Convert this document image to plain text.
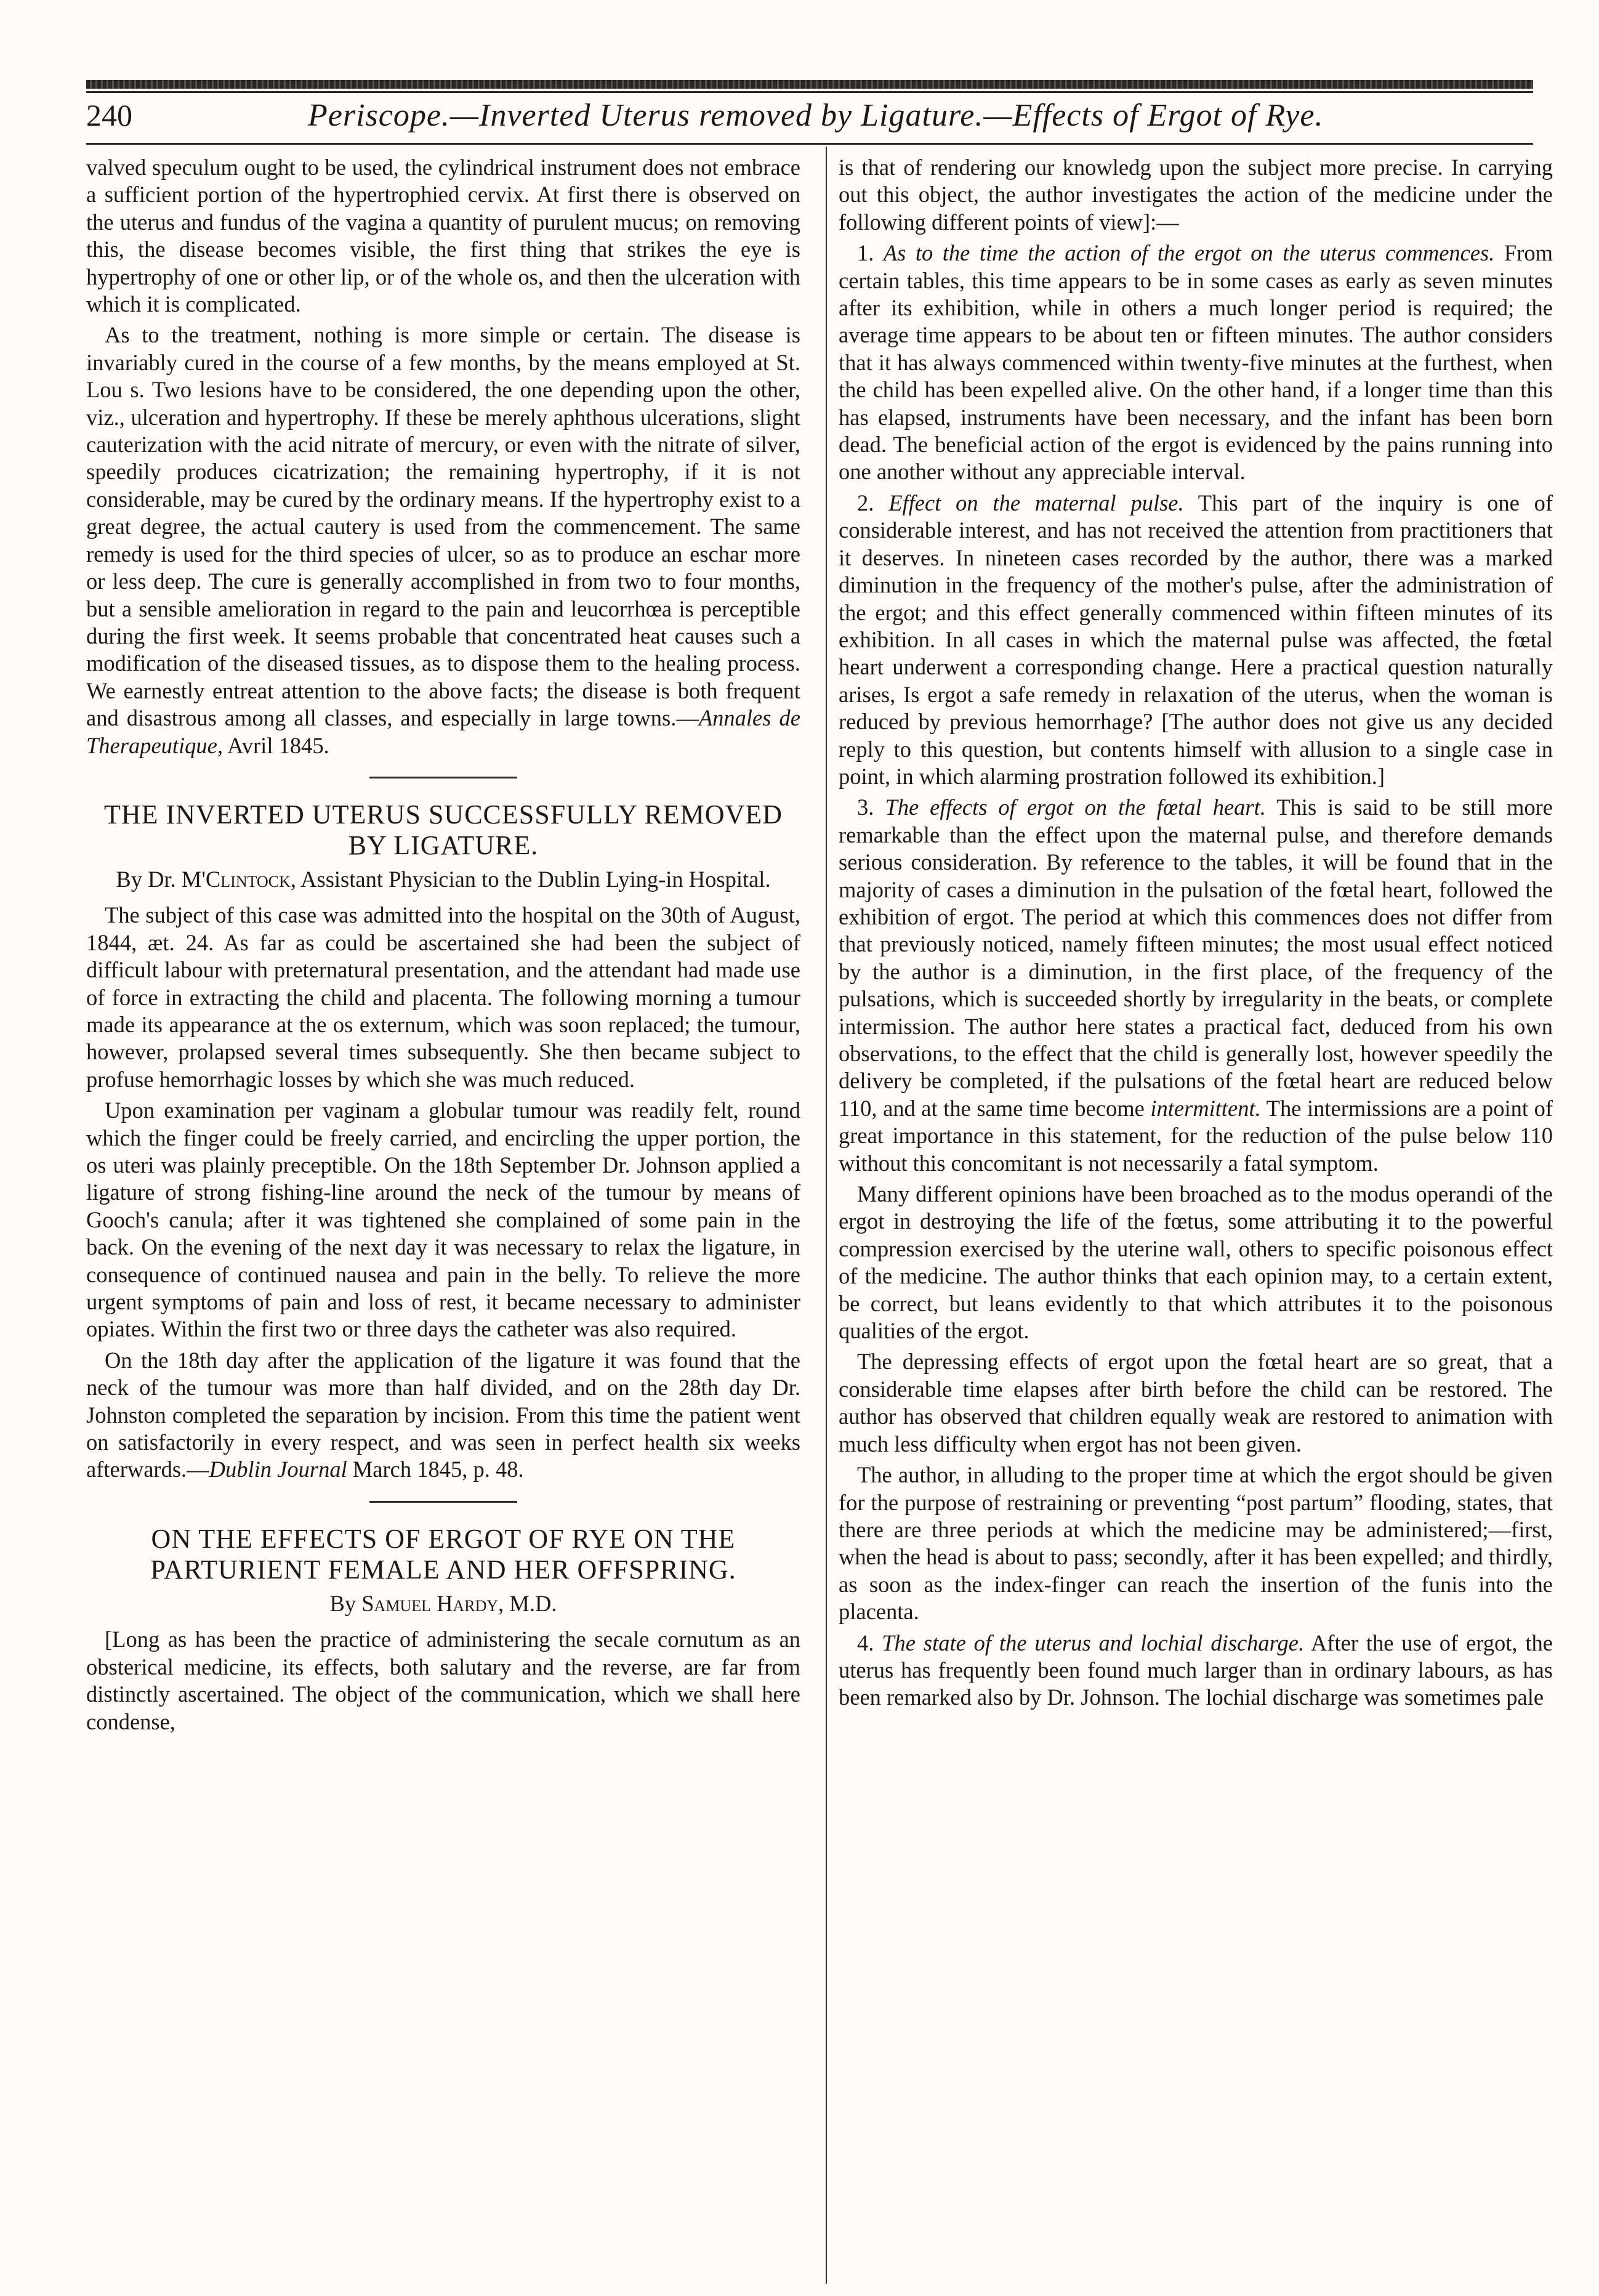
240	Periscope.—Inverted Uterus removed by Ligature.—Effects of Ergot of Rye.

valved speculum ought to be used, the cylindrical instrument does not embrace a sufficient portion of the hypertrophied cervix. At first there is observed on the uterus and fundus of the vagina a quantity of purulent mucus; on removing this, the disease becomes visible, the first thing that strikes the eye is hypertrophy of one or other lip, or of the whole os, and then the ulceration with which it is complicated.

As to the treatment, nothing is more simple or certain. The disease is invariably cured in the course of a few months, by the means employed at St. Lou s. Two lesions have to be considered, the one depending upon the other, viz., ulceration and hypertrophy. If these be merely aphthous ulcerations, slight cauterization with the acid nitrate of mercury, or even with the nitrate of silver, speedily produces cicatrization; the remaining hypertrophy, if it is not considerable, may be cured by the ordinary means. If the hypertrophy exist to a great degree, the actual cautery is used from the commencement. The same remedy is used for the third species of ulcer, so as to produce an eschar more or less deep. The cure is generally accomplished in from two to four months, but a sensible amelioration in regard to the pain and leucorrhœa is perceptible during the first week. It seems probable that concentrated heat causes such a modification of the diseased tissues, as to dispose them to the healing process. We earnestly entreat attention to the above facts; the disease is both frequent and disastrous among all classes, and especially in large towns.—Annales de Therapeutique, Avril 1845.

THE INVERTED UTERUS SUCCESSFULLY REMOVED BY LIGATURE.
By Dr. M'Clintock, Assistant Physician to the Dublin Lying-in Hospital.

The subject of this case was admitted into the hospital on the 30th of August, 1844, æt. 24. As far as could be ascertained she had been the subject of difficult labour with preternatural presentation, and the attendant had made use of force in extracting the child and placenta. The following morning a tumour made its appearance at the os externum, which was soon replaced; the tumour, however, prolapsed several times subsequently. She then became subject to profuse hemorrhagic losses by which she was much reduced.

Upon examination per vaginam a globular tumour was readily felt, round which the finger could be freely carried, and encircling the upper portion, the os uteri was plainly preceptible. On the 18th September Dr. Johnson applied a ligature of strong fishing-line around the neck of the tumour by means of Gooch's canula; after it was tightened she complained of some pain in the back. On the evening of the next day it was necessary to relax the ligature, in consequence of continued nausea and pain in the belly. To relieve the more urgent symptoms of pain and loss of rest, it became necessary to administer opiates. Within the first two or three days the catheter was also required.

On the 18th day after the application of the ligature it was found that the neck of the tumour was more than half divided, and on the 28th day Dr. Johnston completed the separation by incision. From this time the patient went on satisfactorily in every respect, and was seen in perfect health six weeks afterwards.—Dublin Journal March 1845, p. 48.

ON THE EFFECTS OF ERGOT OF RYE ON THE PARTURIENT FEMALE AND HER OFFSPRING.
By Samuel Hardy, M.D.

[Long as has been the practice of administering the secale cornutum as an obsterical medicine, its effects, both salutary and the reverse, are far from distinctly ascertained. The object of the communication, which we shall here condense,

is that of rendering our knowledg upon the subject more precise. In carrying out this object, the author investigates the action of the medicine under the following different points of view]:—

1. As to the time the action of the ergot on the uterus commences. From certain tables, this time appears to be in some cases as early as seven minutes after its exhibition, while in others a much longer period is required; the average time appears to be about ten or fifteen minutes. The author considers that it has always commenced within twenty-five minutes at the furthest, when the child has been expelled alive. On the other hand, if a longer time than this has elapsed, instruments have been necessary, and the infant has been born dead. The beneficial action of the ergot is evidenced by the pains running into one another without any appreciable interval.

2. Effect on the maternal pulse. This part of the inquiry is one of considerable interest, and has not received the attention from practitioners that it deserves. In nineteen cases recorded by the author, there was a marked diminution in the frequency of the mother's pulse, after the administration of the ergot; and this effect generally commenced within fifteen minutes of its exhibition. In all cases in which the maternal pulse was affected, the fœtal heart underwent a corresponding change. Here a practical question naturally arises, Is ergot a safe remedy in relaxation of the uterus, when the woman is reduced by previous hemorrhage? [The author does not give us any decided reply to this question, but contents himself with allusion to a single case in point, in which alarming prostration followed its exhibition.]

3. The effects of ergot on the fœtal heart. This is said to be still more remarkable than the effect upon the maternal pulse, and therefore demands serious consideration. By reference to the tables, it will be found that in the majority of cases a diminution in the pulsation of the fœtal heart, followed the exhibition of ergot. The period at which this commences does not differ from that previously noticed, namely fifteen minutes; the most usual effect noticed by the author is a diminution, in the first place, of the frequency of the pulsations, which is succeeded shortly by irregularity in the beats, or complete intermission. The author here states a practical fact, deduced from his own observations, to the effect that the child is generally lost, however speedily the delivery be completed, if the pulsations of the fœtal heart are reduced below 110, and at the same time become intermittent. The intermissions are a point of great importance in this statement, for the reduction of the pulse below 110 without this concomitant is not necessarily a fatal symptom.

Many different opinions have been broached as to the modus operandi of the ergot in destroying the life of the fœtus, some attributing it to the powerful compression exercised by the uterine wall, others to specific poisonous effect of the medicine. The author thinks that each opinion may, to a certain extent, be correct, but leans evidently to that which attributes it to the poisonous qualities of the ergot.

The depressing effects of ergot upon the fœtal heart are so great, that a considerable time elapses after birth before the child can be restored. The author has observed that children equally weak are restored to animation with much less difficulty when ergot has not been given.

The author, in alluding to the proper time at which the ergot should be given for the purpose of restraining or preventing “post partum” flooding, states, that there are three periods at which the medicine may be administered;—first, when the head is about to pass; secondly, after it has been expelled; and thirdly, as soon as the index-finger can reach the insertion of the funis into the placenta.

4. The state of the uterus and lochial discharge. After the use of ergot, the uterus has frequently been found much larger than in ordinary labours, as has been remarked also by Dr. Johnson. The lochial discharge was sometimes pale
